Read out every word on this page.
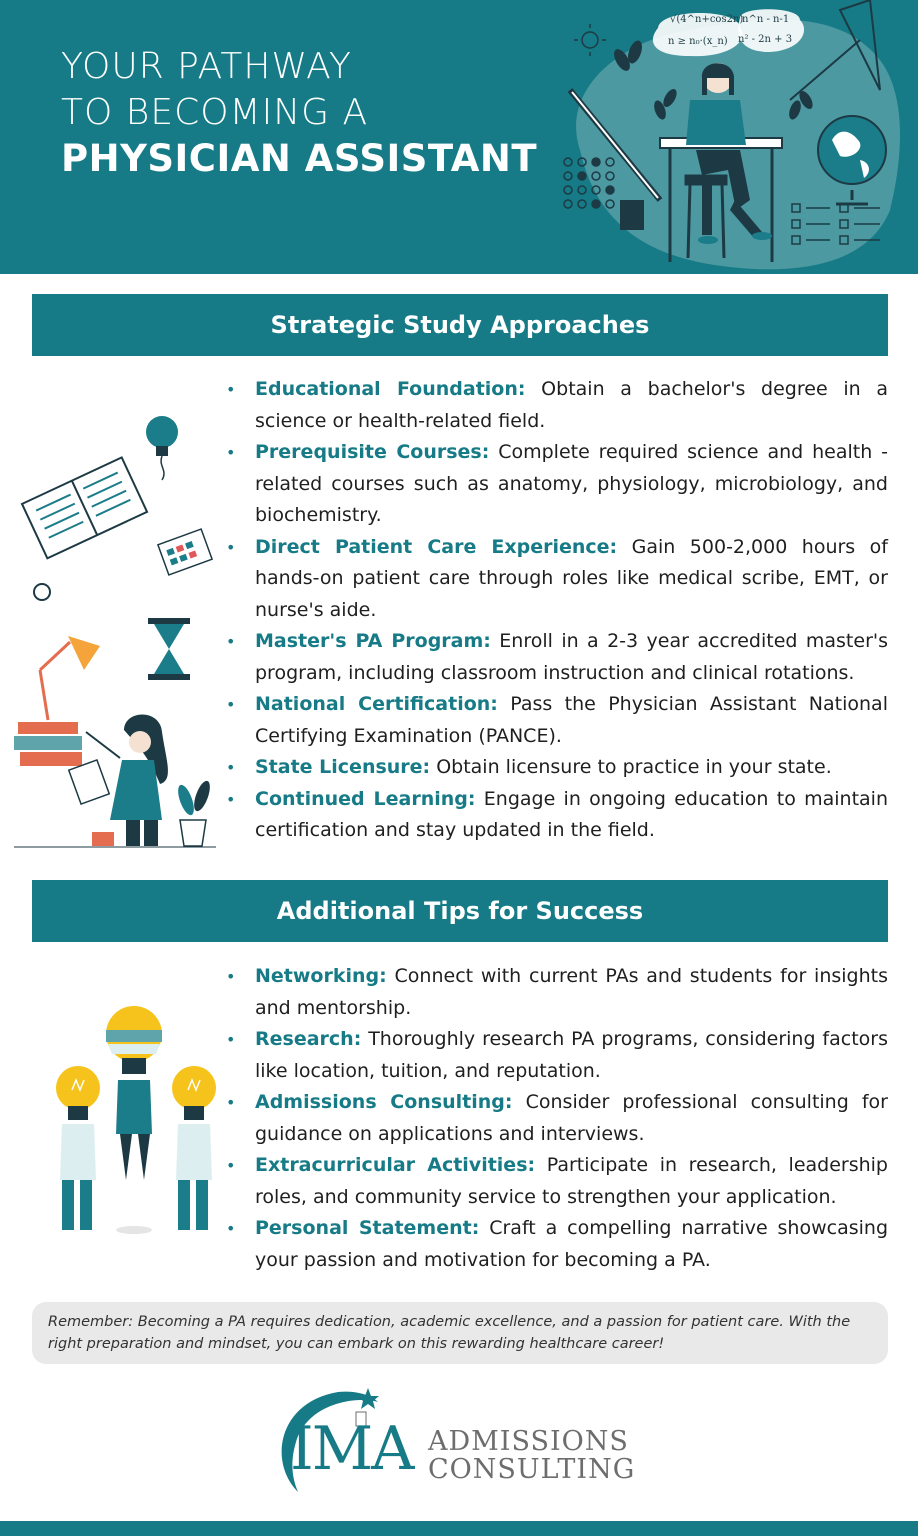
YOUR PATHWAY
TO BECOMING A
PHYSICIAN ASSISTANT
√(4^n+cos2n)
n^n - n-1
n ≥ n₀·(x_n) n² - 2n + 3
Strategic Study Approaches
• Educational Foundation: Obtain a bachelor's degree in a science or health-related field.
• Prerequisite Courses: Complete required science and health -related courses such as anatomy, physiology, microbiology, and biochemistry.
• Direct Patient Care Experience: Gain 500-2,000 hours of hands-on patient care through roles like medical scribe, EMT, or nurse's aide.
• Master's PA Program: Enroll in a 2-3 year accredited master's program, including classroom instruction and clinical rotations.
• National Certification: Pass the Physician Assistant National Certifying Examination (PANCE).
• State Licensure: Obtain licensure to practice in your state.
• Continued Learning: Engage in ongoing education to maintain certification and stay updated in the field.
Additional Tips for Success
• Networking: Connect with current PAs and students for insights and mentorship.
• Research: Thoroughly research PA programs, considering factors like location, tuition, and reputation.
• Admissions Consulting: Consider professional consulting for guidance on applications and interviews.
• Extracurricular Activities: Participate in research, leadership roles, and community service to strengthen your application.
• Personal Statement: Craft a compelling narrative showcasing your passion and motivation for becoming a PA.
Remember: Becoming a PA requires dedication, academic excellence, and a passion for patient care. With the right preparation and mindset, you can embark on this rewarding healthcare career!
IMA ADMISSIONS
CONSULTING
